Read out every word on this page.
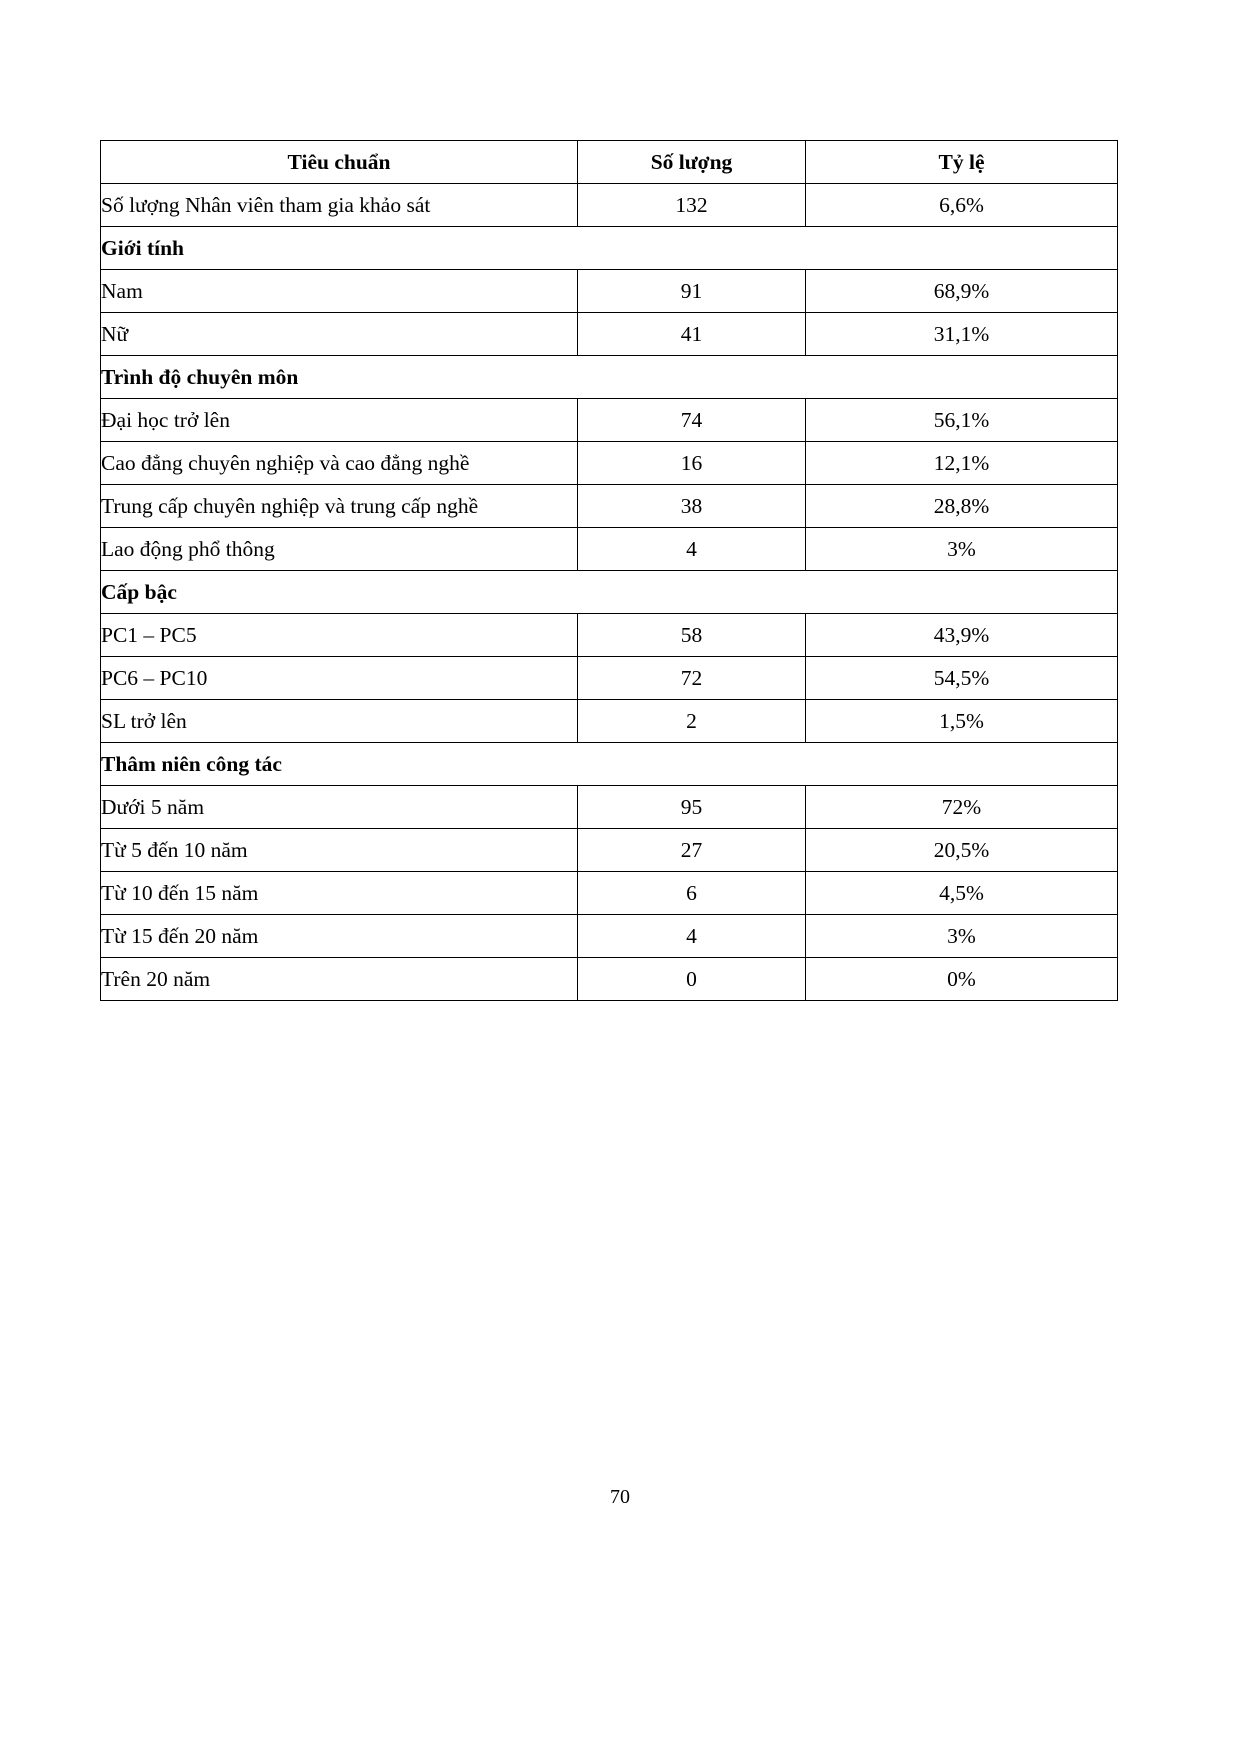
Tiêu chuẩn	Số lượng	Tỷ lệ
Số lượng Nhân viên tham gia khảo sát	132	6,6%
Giới tính		
Nam	91	68,9%
Nữ	41	31,1%
Trình độ chuyên môn		
Đại học trở lên	74	56,1%
Cao đẳng chuyên nghiệp và cao đẳng nghề	16	12,1%
Trung cấp chuyên nghiệp và trung cấp nghề	38	28,8%
Lao động phổ thông	4	3%
Cấp bậc		
PC1 – PC5	58	43,9%
PC6 – PC10	72	54,5%
SL trở lên	2	1,5%
Thâm niên công tác		
Dưới 5 năm	95	72%
Từ 5 đến 10 năm	27	20,5%
Từ 10 đến 15 năm	6	4,5%
Từ 15 đến 20 năm	4	3%
Trên 20 năm	0	0%
70
